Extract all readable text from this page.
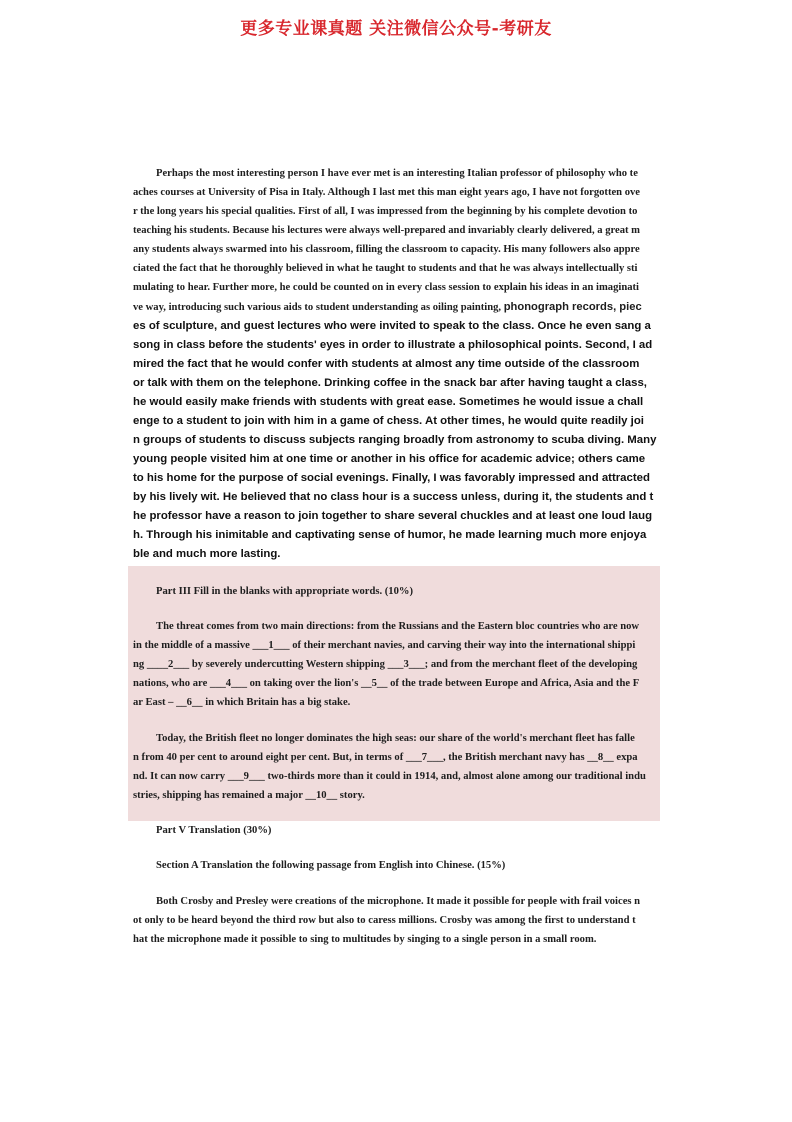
更多专业课真题 关注微信公众号-考研友
Perhaps the most interesting person I have ever met is an interesting Italian professor of philosophy who te
aches courses at University of Pisa in Italy. Although I last met this man eight years ago, I have not forgotten ove
r the long years his special qualities. First of all, I was impressed from the beginning by his complete devotion to
teaching his students. Because his lectures were always well-prepared and invariably clearly delivered, a great m
any students always swarmed into his classroom, filling the classroom to capacity. His many followers also appre
ciated the fact that he thoroughly believed in what he taught to students and that he was always intellectually sti
mulating to hear. Further more, he could be counted on in every class session to explain his ideas in an imaginati
ve way, introducing such various aids to student understanding as oiling painting, phonograph records, piec
es of sculpture, and guest lectures who were invited to speak to the class. Once he even sang a
song in class before the students' eyes in order to illustrate a philosophical points. Second, I ad
mired the fact that he would confer with students at almost any time outside of the classroom
or talk with them on the telephone. Drinking coffee in the snack bar after having taught a class,
he would easily make friends with students with great ease. Sometimes he would issue a chall
enge to a student to join with him in a game of chess. At other times, he would quite readily joi
n groups of students to discuss subjects ranging broadly from astronomy to scuba diving. Many
young people visited him at one time or another in his office for academic advice; others came
to his home for the purpose of social evenings. Finally, I was favorably impressed and attracted
by his lively wit. He believed that no class hour is a success unless, during it, the students and t
he professor have a reason to join together to share several chuckles and at least one loud laug
h. Through his inimitable and captivating sense of humor, he made learning much more enjoya
ble and much more lasting.
Part III Fill in the blanks with appropriate words. (10%)
The threat comes from two main directions: from the Russians and the Eastern bloc countries who are now
in the middle of a massive ___1___ of their merchant navies, and carving their way into the international shippi
ng ____2___ by severely undercutting Western shipping ___3___; and from the merchant fleet of the developing
nations, who are ___4___ on taking over the lion's __5__ of the trade between Europe and Africa, Asia and the F
ar East – __6__ in which Britain has a big stake.
Today, the British fleet no longer dominates the high seas: our share of the world's merchant fleet has falle
n from 40 per cent to around eight per cent. But, in terms of ___7___, the British merchant navy has __8__ expa
nd. It can now carry ___9___ two-thirds more than it could in 1914, and, almost alone among our traditional indu
stries, shipping has remained a major __10__ story.
Part V Translation (30%)
Section A Translation the following passage from English into Chinese. (15%)
Both Crosby and Presley were creations of the microphone. It made it possible for people with frail voices n
ot only to be heard beyond the third row but also to caress millions. Crosby was among the first to understand t
hat the microphone made it possible to sing to multitudes by singing to a single person in a small room.
